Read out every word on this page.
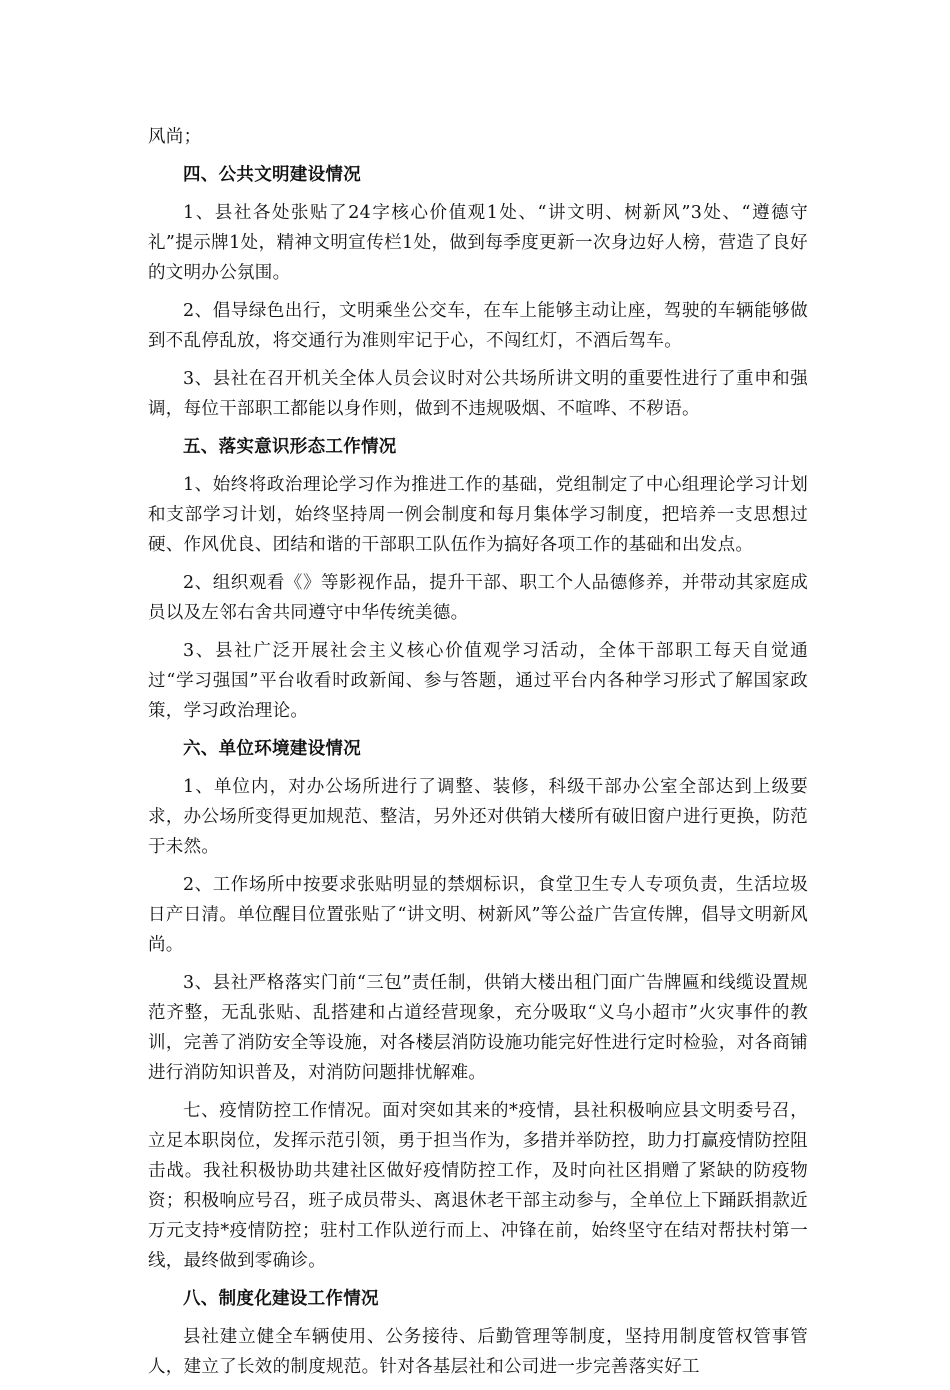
风尚；

四、公共文明建设情况

1、县社各处张贴了24字核心价值观1处、“讲文明、树新风”3处、“遵德守礼”提示牌1处，精神文明宣传栏1处，做到每季度更新一次身边好人榜，营造了良好的文明办公氛围。

2、倡导绿色出行，文明乘坐公交车，在车上能够主动让座，驾驶的车辆能够做到不乱停乱放，将交通行为准则牢记于心，不闯红灯，不酒后驾车。

3、县社在召开机关全体人员会议时对公共场所讲文明的重要性进行了重申和强调，每位干部职工都能以身作则，做到不违规吸烟、不喧哗、不秽语。

五、落实意识形态工作情况

1、始终将政治理论学习作为推进工作的基础，党组制定了中心组理论学习计划和支部学习计划，始终坚持周一例会制度和每月集体学习制度，把培养一支思想过硬、作风优良、团结和谐的干部职工队伍作为搞好各项工作的基础和出发点。

2、组织观看《》等影视作品，提升干部、职工个人品德修养，并带动其家庭成员以及左邻右舍共同遵守中华传统美德。

3、县社广泛开展社会主义核心价值观学习活动，全体干部职工每天自觉通过“学习强国”平台收看时政新闻、参与答题，通过平台内各种学习形式了解国家政策，学习政治理论。

六、单位环境建设情况

1、单位内，对办公场所进行了调整、装修，科级干部办公室全部达到上级要求，办公场所变得更加规范、整洁，另外还对供销大楼所有破旧窗户进行更换，防范于未然。

2、工作场所中按要求张贴明显的禁烟标识，食堂卫生专人专项负责，生活垃圾日产日清。单位醒目位置张贴了“讲文明、树新风”等公益广告宣传牌，倡导文明新风尚。

3、县社严格落实门前“三包”责任制，供销大楼出租门面广告牌匾和线缆设置规范齐整，无乱张贴、乱搭建和占道经营现象，充分吸取“义乌小超市”火灾事件的教训，完善了消防安全等设施，对各楼层消防设施功能完好性进行定时检验，对各商铺进行消防知识普及，对消防问题排忧解难。

七、疫情防控工作情况。面对突如其来的*疫情，县社积极响应县文明委号召，立足本职岗位，发挥示范引领，勇于担当作为，多措并举防控，助力打赢疫情防控阻击战。我社积极协助共建社区做好疫情防控工作，及时向社区捐赠了紧缺的防疫物资；积极响应号召，班子成员带头、离退休老干部主动参与，全单位上下踊跃捐款近万元支持*疫情防控；驻村工作队逆行而上、冲锋在前，始终坚守在结对帮扶村第一线，最终做到零确诊。

八、制度化建设工作情况

县社建立健全车辆使用、公务接待、后勤管理等制度，坚持用制度管权管事管人，建立了长效的制度规范。针对各基层社和公司进一步完善落实好工
